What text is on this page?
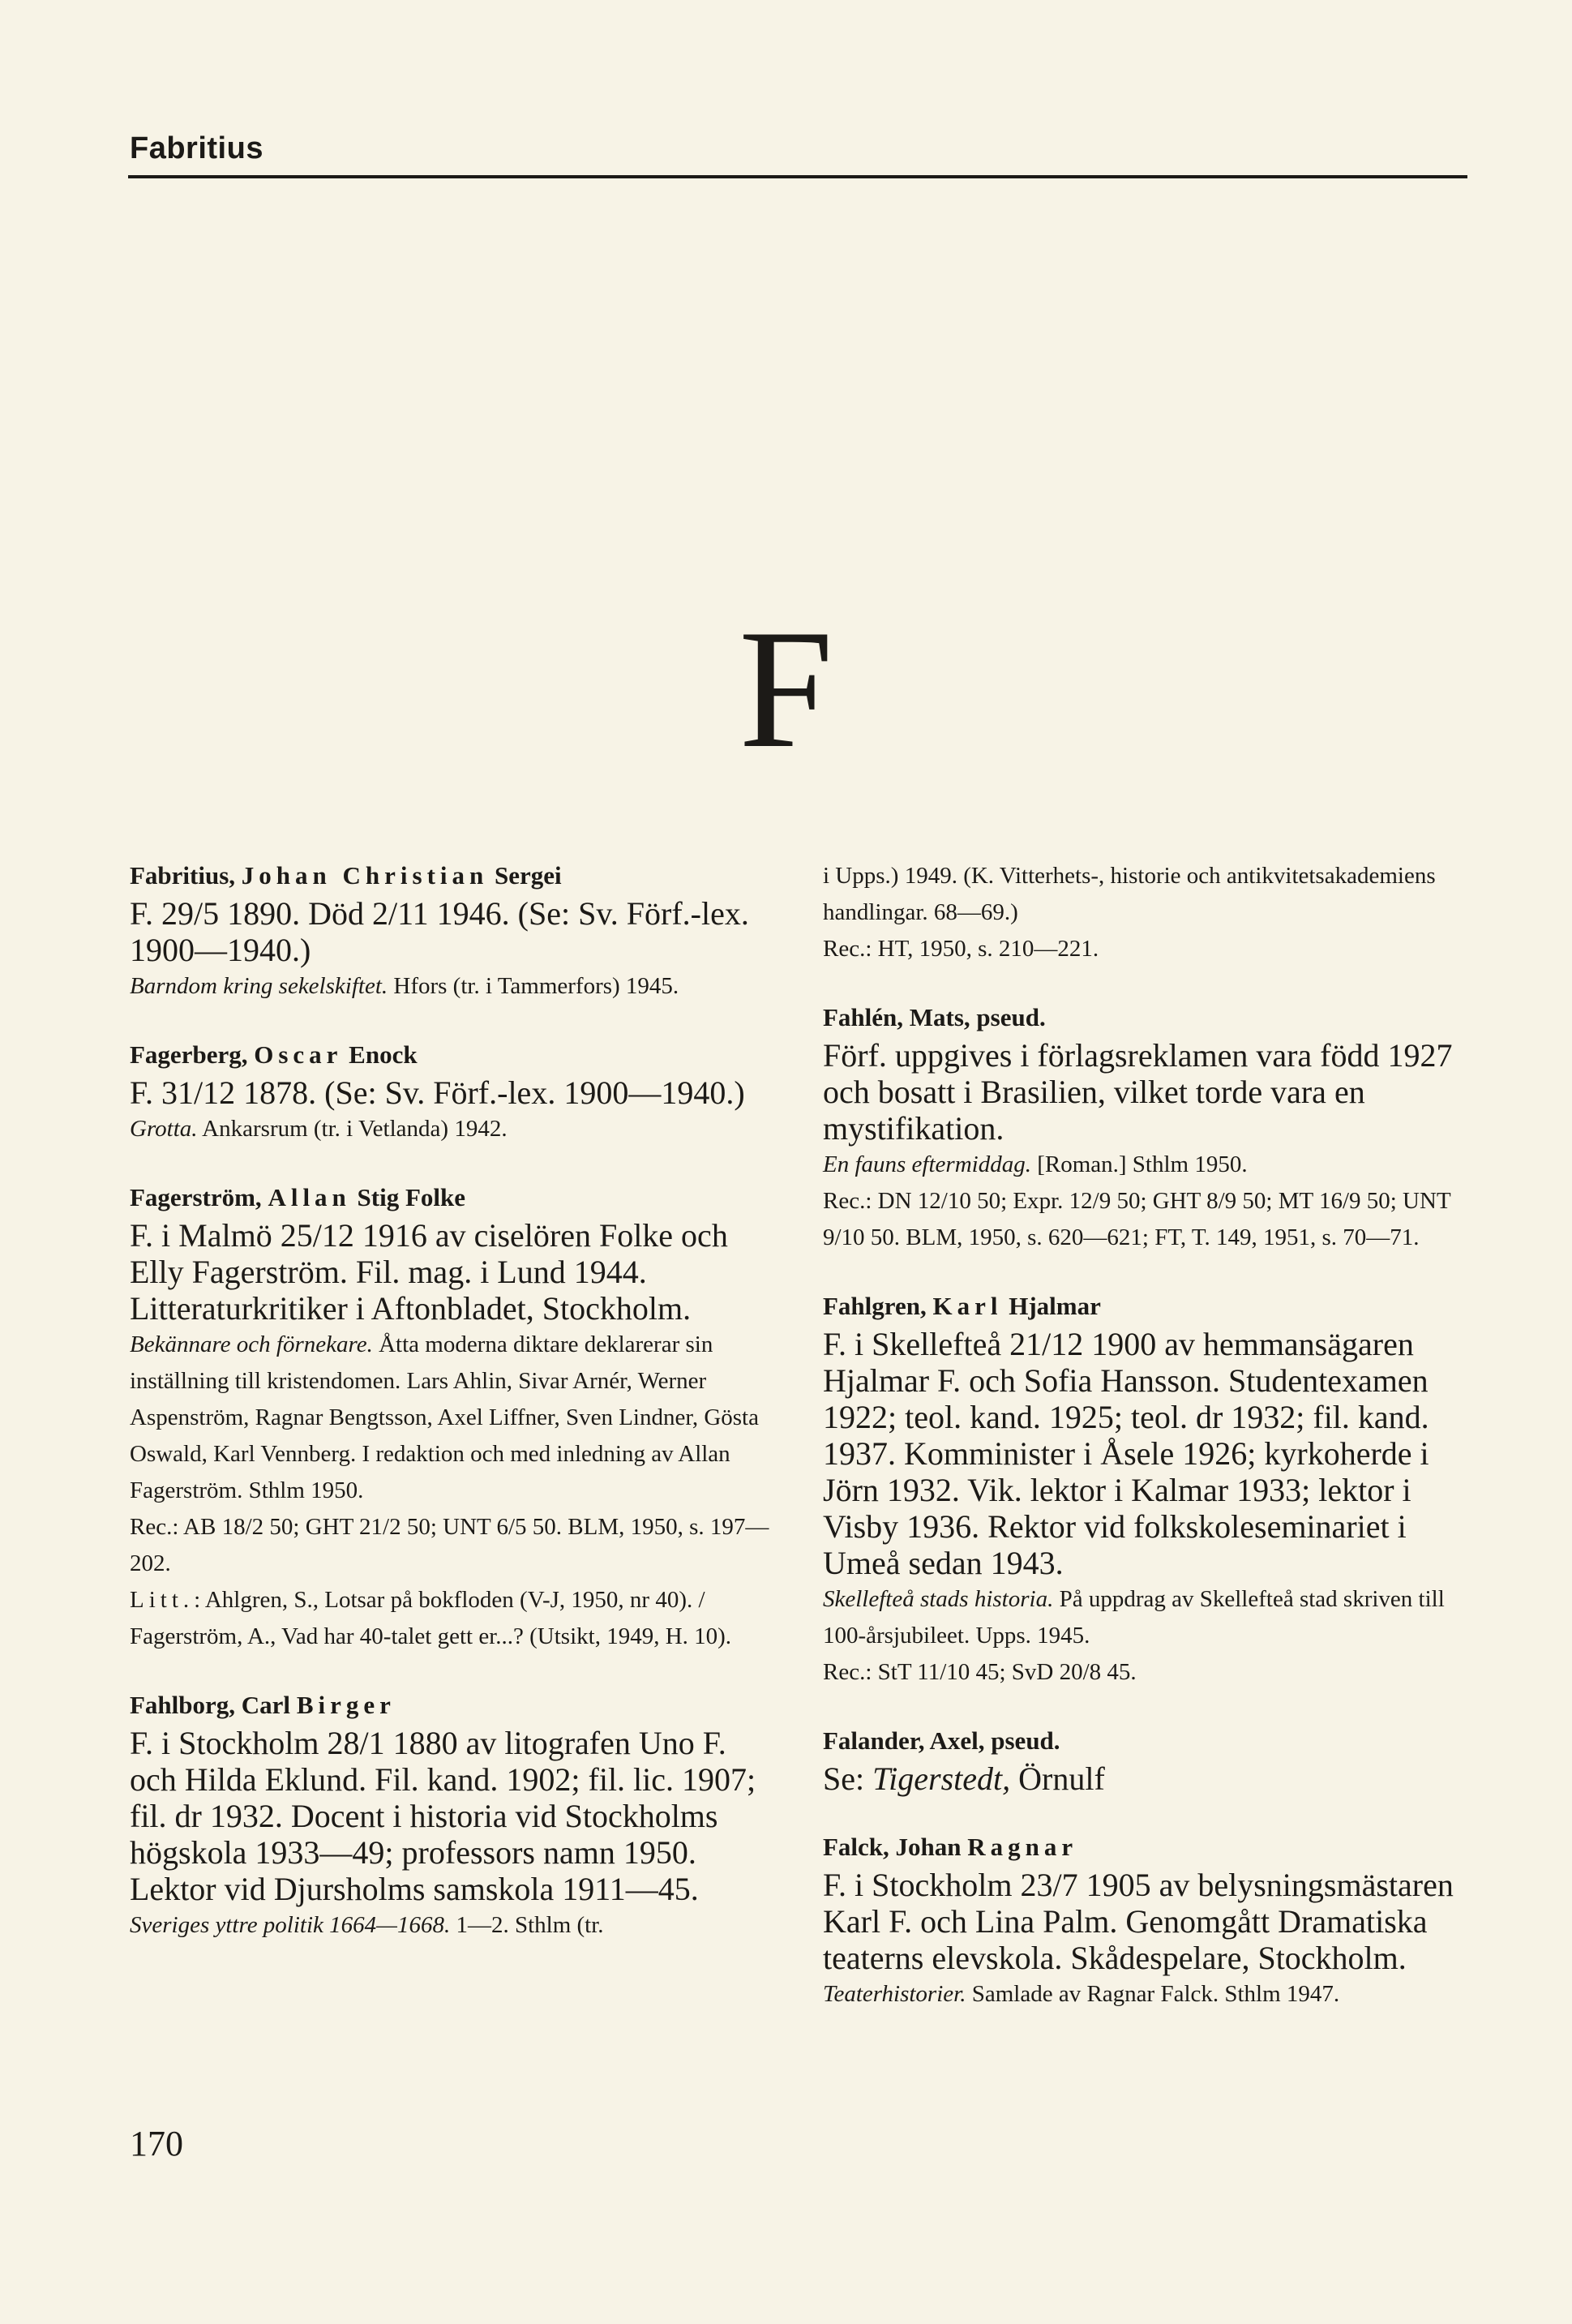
Fabritius
F
Fabritius, Johan Christian Sergei
F. 29/5 1890. Död 2/11 1946. (Se: Sv. Förf.-lex. 1900—1940.)
Barndom kring sekelskiftet. Hfors (tr. i Tammerfors) 1945.
Fagerberg, Oscar Enock
F. 31/12 1878. (Se: Sv. Förf.-lex. 1900—1940.)
Grotta. Ankarsrum (tr. i Vetlanda) 1942.
Fagerström, Allan Stig Folke
F. i Malmö 25/12 1916 av ciselören Folke och Elly Fagerström. Fil. mag. i Lund 1944. Litteraturkritiker i Aftonbladet, Stockholm.
Bekännare och förnekare. Åtta moderna diktare deklarerar sin inställning till kristendomen. Lars Ahlin, Sivar Arnér, Werner Aspenström, Ragnar Bengtsson, Axel Liffner, Sven Lindner, Gösta Oswald, Karl Vennberg. I redaktion och med inledning av Allan Fagerström. Sthlm 1950.
Rec.: AB 18/2 50; GHT 21/2 50; UNT 6/5 50. BLM, 1950, s. 197—202.
Litt.: Ahlgren, S., Lotsar på bokfloden (V-J, 1950, nr 40). / Fagerström, A., Vad har 40-talet gett er...? (Utsikt, 1949, H. 10).
Fahlborg, Carl Birger
F. i Stockholm 28/1 1880 av litografen Uno F. och Hilda Eklund. Fil. kand. 1902; fil. lic. 1907; fil. dr 1932. Docent i historia vid Stockholms högskola 1933—49; professors namn 1950. Lektor vid Djursholms samskola 1911—45.
Sveriges yttre politik 1664—1668. 1—2. Sthlm (tr.
i Upps.) 1949. (K. Vitterhets-, historie och antikvitetsakademiens handlingar. 68—69.)
Rec.: HT, 1950, s. 210—221.
Fahlén, Mats, pseud.
Förf. uppgives i förlagsreklamen vara född 1927 och bosatt i Brasilien, vilket torde vara en mystifikation.
En fauns eftermiddag. [Roman.] Sthlm 1950.
Rec.: DN 12/10 50; Expr. 12/9 50; GHT 8/9 50; MT 16/9 50; UNT 9/10 50. BLM, 1950, s. 620—621; FT, T. 149, 1951, s. 70—71.
Fahlgren, Karl Hjalmar
F. i Skellefteå 21/12 1900 av hemmansägaren Hjalmar F. och Sofia Hansson. Studentexamen 1922; teol. kand. 1925; teol. dr 1932; fil. kand. 1937. Komminister i Åsele 1926; kyrkoherde i Jörn 1932. Vik. lektor i Kalmar 1933; lektor i Visby 1936. Rektor vid folkskoleseminariet i Umeå sedan 1943.
Skellefteå stads historia. På uppdrag av Skellefteå stad skriven till 100-årsjubileet. Upps. 1945.
Rec.: StT 11/10 45; SvD 20/8 45.
Falander, Axel, pseud.
Se: Tigerstedt, Örnulf
Falck, Johan Ragnar
F. i Stockholm 23/7 1905 av belysningsmästaren Karl F. och Lina Palm. Genomgått Dramatiska teaterns elevskola. Skådespelare, Stockholm.
Teaterhistorier. Samlade av Ragnar Falck. Sthlm 1947.
170
